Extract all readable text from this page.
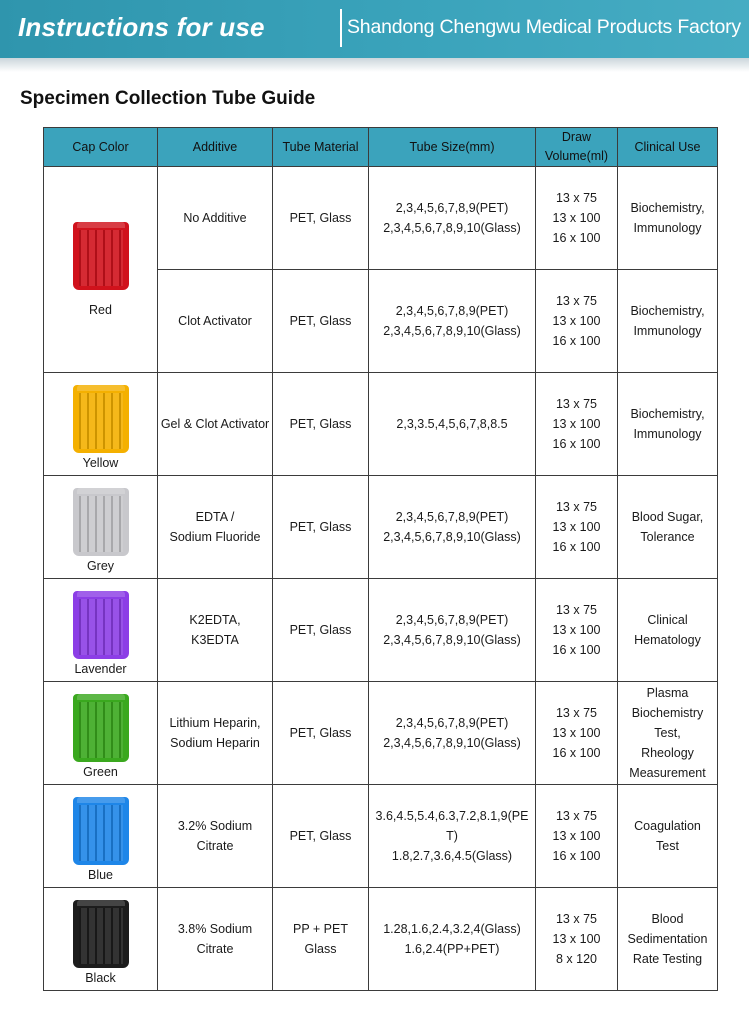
Instructions for use	Shandong Chengwu Medical Products Factory
Specimen Collection Tube Guide
Cap Color	Additive	Tube Material	Tube Size(mm)	Draw Volume(ml)	Clinical Use

Red	No Additive	PET, Glass	2,3,4,5,6,7,8,9(PET)
2,3,4,5,6,7,8,9,10(Glass)	13 x 75
13 x 100
16 x 100	Biochemistry,
Immunology

	Clot Activator	PET, Glass	2,3,4,5,6,7,8,9(PET)
2,3,4,5,6,7,8,9,10(Glass)	13 x 75
13 x 100
16 x 100	Biochemistry,
Immunology

Yellow	Gel & Clot Activator	PET, Glass	2,3,3.5,4,5,6,7,8,8.5	13 x 75
13 x 100
16 x 100	Biochemistry,
Immunology

Grey	EDTA /
Sodium Fluoride	PET, Glass	2,3,4,5,6,7,8,9(PET)
2,3,4,5,6,7,8,9,10(Glass)	13 x 75
13 x 100
16 x 100	Blood Sugar,
Tolerance

Lavender	K2EDTA,
K3EDTA	PET, Glass	2,3,4,5,6,7,8,9(PET)
2,3,4,5,6,7,8,9,10(Glass)	13 x 75
13 x 100
16 x 100	Clinical
Hematology

Green	Lithium Heparin,
Sodium Heparin	PET, Glass	2,3,4,5,6,7,8,9(PET)
2,3,4,5,6,7,8,9,10(Glass)	13 x 75
13 x 100
16 x 100	Plasma
Biochemistry
Test,
Rheology
Measurement

Blue	3.2% Sodium
Citrate	PET, Glass	3.6,4.5,5.4,6.3,7.2,8.1,9(PE
T)
1.8,2.7,3.6,4.5(Glass)	13 x 75
13 x 100
16 x 100	Coagulation
Test

Black	3.8% Sodium
Citrate	PP + PET
Glass	1.28,1.6,2.4,3.2,4(Glass)
1.6,2.4(PP+PET)	13 x 75
13 x 100
8 x 120	Blood
Sedimentation
Rate Testing
